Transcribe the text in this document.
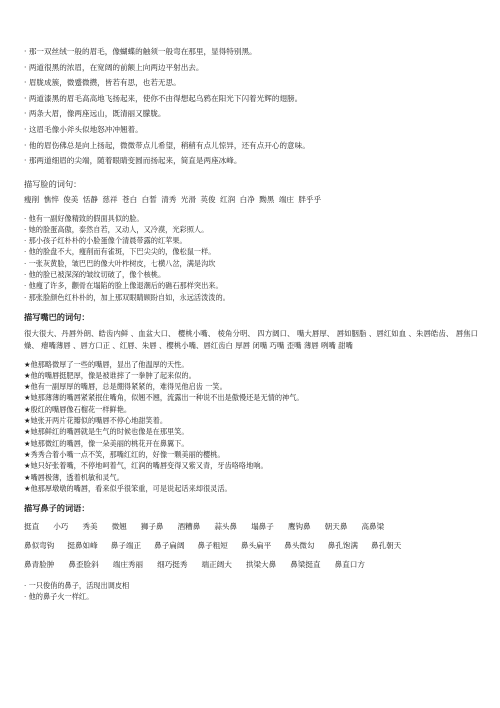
· 那一双丝绒一般的眉毛，像蝴蝶的触须一般弯在那里，显得特别黑。
· 两道很黑的浓眉，在宽阔的前额上向两边平射出去。
· 眉胧成簇，微蹙微攒，皆若有思，也若无思。
· 两道漆黑的眉毛高高地飞扬起来，使你不由得想起乌鸦在阳光下闪着光辉的翅膀。
· 两条大眉，像两座远山，既清丽又朦胧。
· 这眉毛像小斧头似地怒冲冲翘着。
· 他的眉伤佛总是向上扬起，微微带点儿希望，稍稍有点儿惊异，还有点开心的意味。
· 那两道细眉的尖端，随着眼睛变圆而扬起来，简直是两座冰峰。
描写脸的词句：
瘦削 憔悴 俊美 恬静 慈祥 苍白 白皙 清秀 光滑 英俊 红润 白净 黝黑 端庄 胖乎乎
· 他有一副好像精致的假面具似的脸。
· 她的脸蛋高傲，泰然自若，又动人，又冷漠，光彩照人。
· 那小孩子红朴朴的小脸蛋像个清晨带露的红苹果。
· 他的脸盘不大，瘦削而有雀斑，下巴尖尖的，像松鼠一样。
· 一张灰黄脸，皱巴巴的像大叶柞树皮，七横八岔，满是沟坎
· 他的脸已被深深的皱纹切破了，像个核桃。
· 他瘦了许多，颧骨在塌陷的脸上像退潮后的礁石那样突出来。
· 那张脸颜色红朴朴的，加上那双眼睛顾盼自如，永远活泼泼的。
描写嘴巴的词句：
很大很大、丹唇外朗、皓齿内鲜 、血盆大口、 樱桃小嘴、 棱角分明、 四方阔口、 嘴大唇厚、 唇如胭脂 、唇红如血 、朱唇皓齿、 唇焦口燥、 瘪嘴薄唇 、唇方口正 、红唇、朱唇 、樱桃小嘴、唇红齿白 厚唇 闭嘴 巧嘴 歪嘴 薄唇 咧嘴 甜嘴
★他那略微厚了一些的嘴唇，显出了他温厚的天性。
★他的嘴唇挺肥厚，像是被谁摔了一拳肿了起来似的。
★他有一副厚厚的嘴唇，总是绷得紧紧的，难得见他启齿 一笑。
★她那薄薄的嘴唇紧紧抿住嘴角，似翘不翘，流露出一种说不出是傲慢还是无情的神气。
★殷红的嘴唇像石榴花一样鲜艳。
★她张开两片花瓣似的嘴唇不停心地甜笑着。
★她那鲜红的嘴唇就是生气的时候也像是在那里笑。
★她那微红的嘴唇，像一朵美丽的桃花开在鼻翼下。
★秀秀合着小嘴一点不笑，那嘴红红的，好像一颗美丽的樱桃。
★她只好张着嘴，不停地呵着气，红润的嘴唇变得又紫又青，牙齿咯咯地响。
★嘴唇极薄，透着机敏和灵气。
★他那厚墩墩的嘴唇，看来似乎很笨重，可是说起话来却很灵活。
描写鼻子的词语：
挺直 小巧 秀美 微翘 狮子鼻 酒糟鼻 蒜头鼻 塌鼻子 鹰钩鼻 朝天鼻 高鼻梁
鼻似弯钩 挺鼻如峰 鼻子端正 鼻子扁阔 鼻子粗短 鼻头扁平 鼻头微勾 鼻孔饱满 鼻孔朝天
鼻青脸肿 鼻歪脸斜 端庄秀丽 细巧挺秀 端正阔大 拱梁大鼻 鼻梁挺直 鼻直口方
· 一只俊俏的鼻子，活现出调皮相
· 他的鼻子火一样红。
